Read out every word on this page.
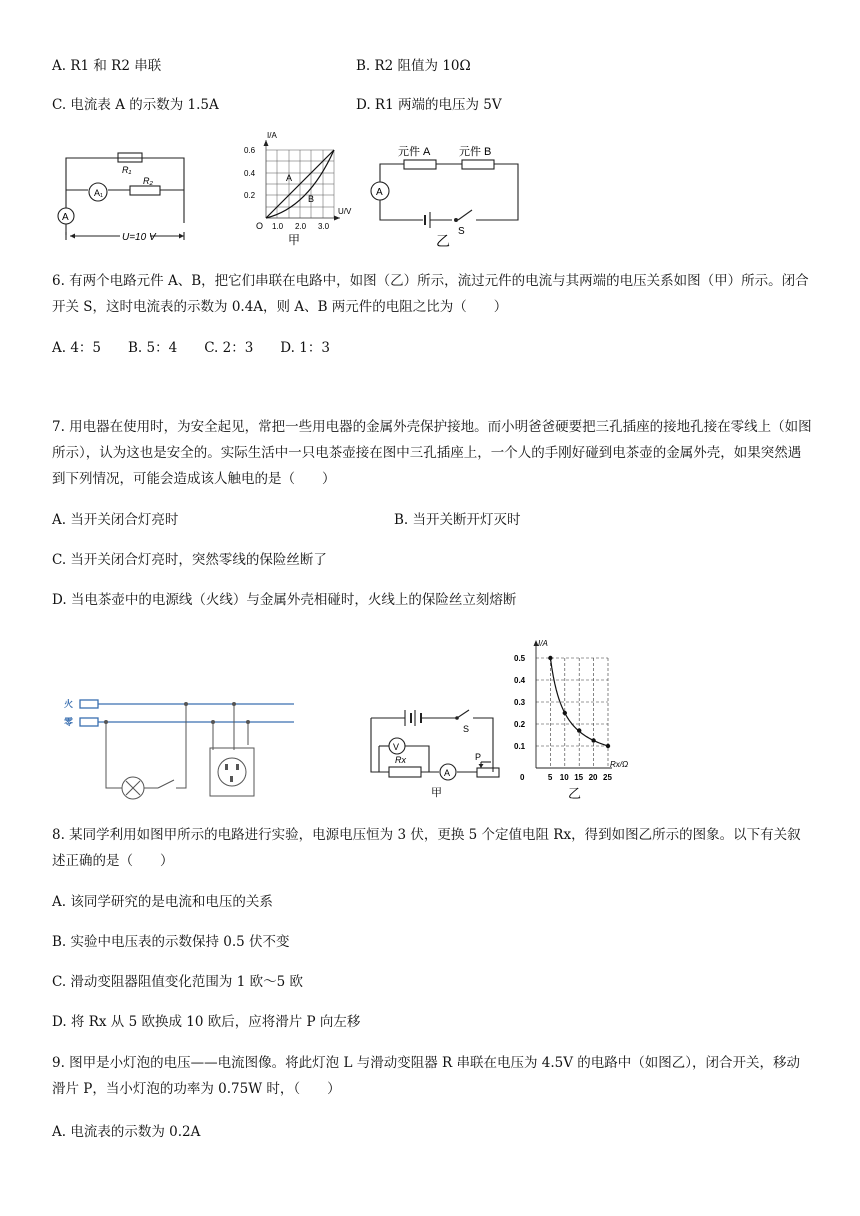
A. R1 和 R2 串联	B. R2 阻值为 10Ω
C. 电流表 A 的示数为 1.5A	D. R1 两端的电压为 5V
R₁
R₂
A₁
A
U=10 V
I/A
U/V
0.6
0.4
0.2
O 1.0 2.0 3.0
A
B
甲
元件 A	元件 B
A
S
乙
6. 有两个电路元件 A、B，把它们串联在电路中，如图（乙）所示，流过元件的电流与其两端的电压关系如图（甲）所示。闭合开关 S，这时电流表的示数为 0.4A，则 A、B 两元件的电阻之比为（　　）
A. 4：5　　B. 5：4　　C. 2：3　　D. 1：3
7. 用电器在使用时，为安全起见，常把一些用电器的金属外壳保护接地。而小明爸爸硬要把三孔插座的接地孔接在零线上（如图所示），认为这也是安全的。实际生活中一只电茶壶接在图中三孔插座上，一个人的手刚好碰到电茶壶的金属外壳，如果突然遇到下列情况，可能会造成该人触电的是（　　）
A. 当开关闭合灯亮时	B. 当开关断开灯灭时
C. 当开关闭合灯亮时，突然零线的保险丝断了
D. 当电茶壶中的电源线（火线）与金属外壳相碰时，火线上的保险丝立刻熔断
火
零
V
A
Rx
S
P
甲
0.5
0.4
0.3
0.2
0.1
0	5 10 15 20 25
I/A
Rx/Ω
乙
8. 某同学利用如图甲所示的电路进行实验，电源电压恒为 3 伏，更换 5 个定值电阻 Rx，得到如图乙所示的图象。以下有关叙述正确的是（　　）
A. 该同学研究的是电流和电压的关系
B. 实验中电压表的示数保持 0.5 伏不变
C. 滑动变阻器阻值变化范围为 1 欧～5 欧
D. 将 Rx 从 5 欧换成 10 欧后，应将滑片 P 向左移
9. 图甲是小灯泡的电压——电流图像。将此灯泡 L 与滑动变阻器 R 串联在电压为 4.5V 的电路中（如图乙），闭合开关，移动滑片 P，当小灯泡的功率为 0.75W 时，（　　）
A. 电流表的示数为 0.2A
